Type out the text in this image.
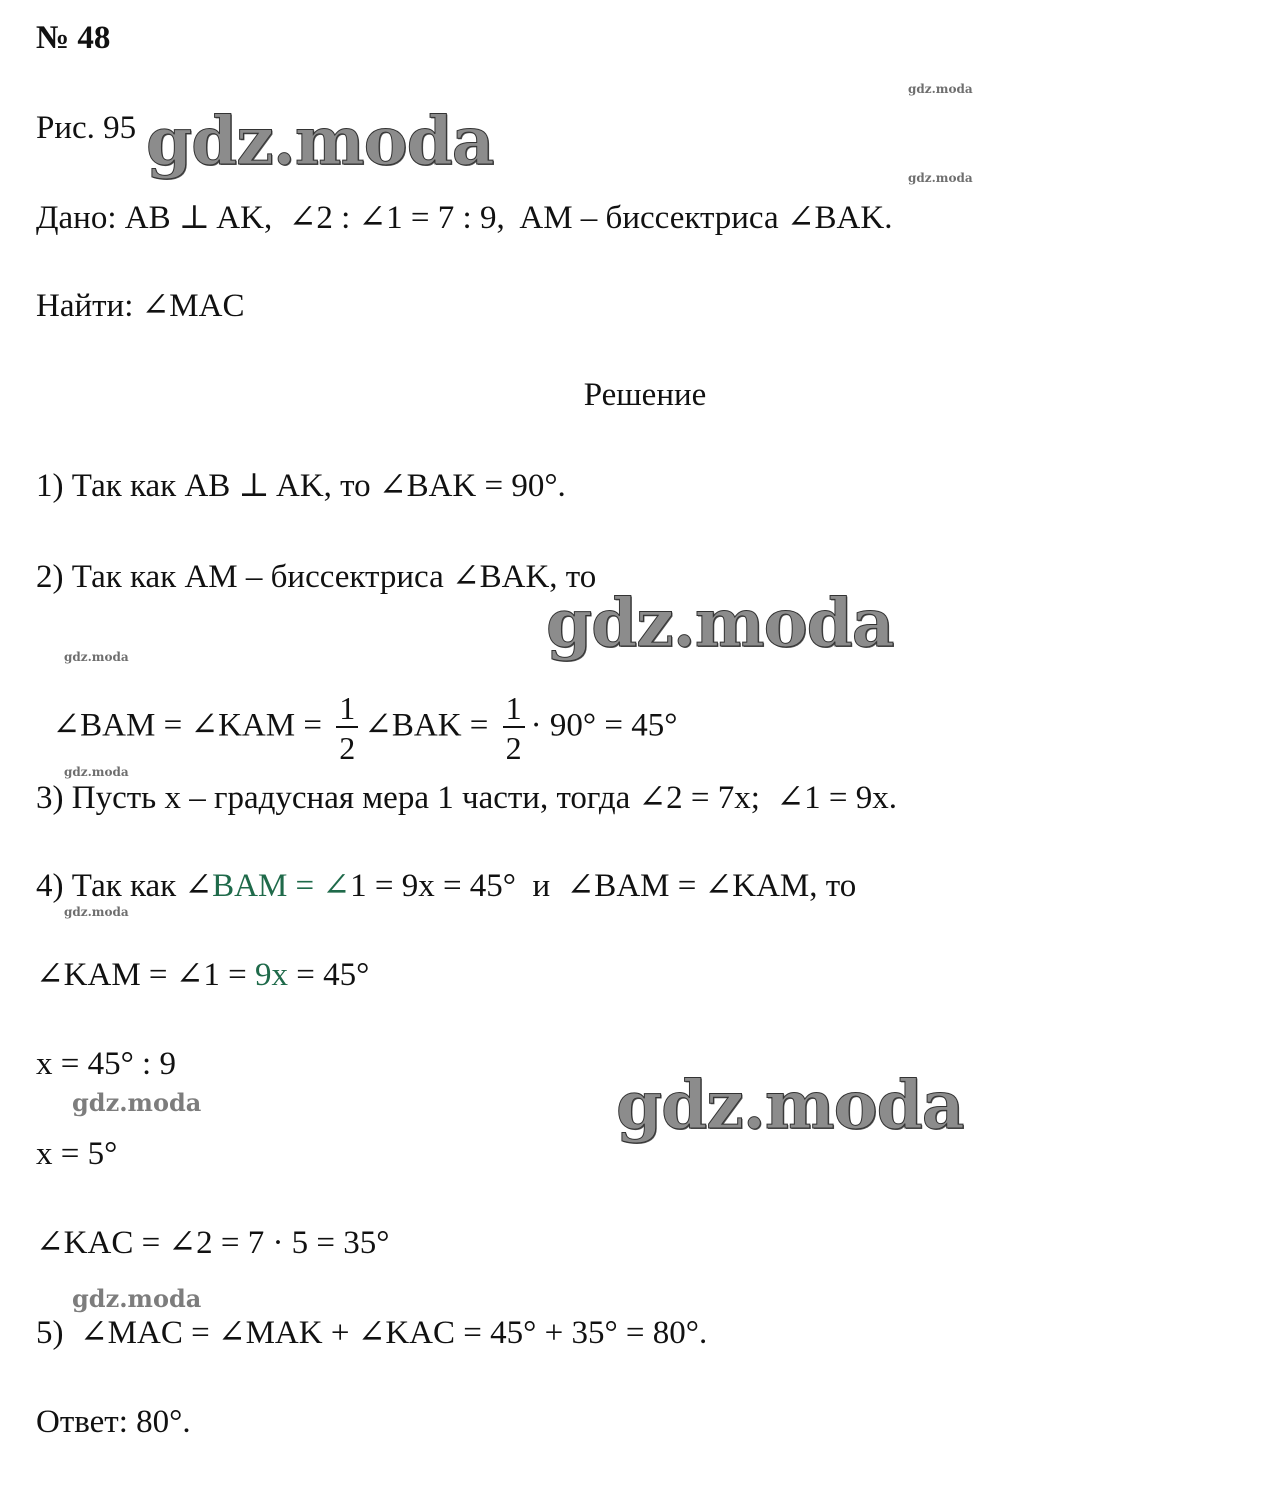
№ 48

Рис. 95

Дано: AB ⊥ AK,  ∠2 : ∠1 = 7 : 9,  AM – биссектриса ∠BAK.

Найти: ∠MAC

Решение

1) Так как AB ⊥ AK, то ∠BAK = 90°.

2) Так как AM – биссектриса ∠BAK, то

∠BAM = ∠KAM = $\frac{1}{2}$ ∠BAK = $\frac{1}{2} \cdot 90^\circ = 45^\circ$

3) Пусть x – градусная мера 1 части, тогда ∠2 = 7x;  ∠1 = 9x.

4) Так как ∠BAM = ∠1 = 9x = 45°  и  ∠BAM = ∠KAM, то

∠KAM = ∠1 = 9x = 45°

x = 45° : 9

x = 5°

∠KAC = ∠2 = 7 · 5 = 35°

5)  ∠MAC = ∠MAK + ∠KAC = 45° + 35° = 80°.

Ответ: 80°.

gdz.moda
gdz.moda
gdz.moda
gdz.moda
gdz.moda
gdz.moda
gdz.moda
gdz.moda
gdz.moda
gdz.moda
